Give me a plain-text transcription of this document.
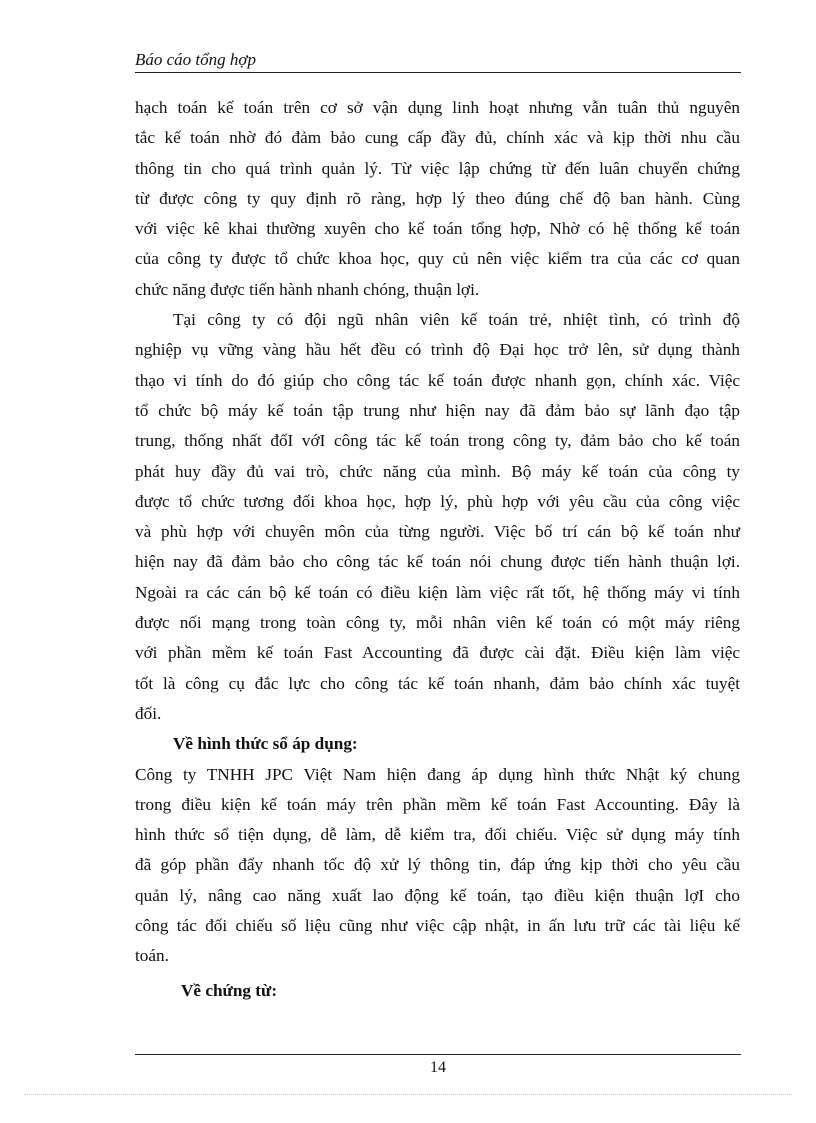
Báo cáo tổng hợp
hạch toán kế toán trên cơ sở vận dụng linh hoạt nhưng vẫn tuân thủ nguyên
tắc kế toán nhờ đó đảm bảo cung cấp đầy đủ, chính xác và kịp thời nhu cầu
thông tin cho quá trình quản lý. Từ việc lập chứng từ đến luân chuyển chứng
từ được công ty quy định rõ ràng, hợp lý theo đúng chế độ ban hành. Cùng
với việc kê khai thường xuyên cho kế toán tổng hợp, Nhờ có hệ thống kế toán
của công ty được tổ chức khoa học, quy củ nên việc kiểm tra của các cơ quan
chức năng được tiến hành nhanh chóng, thuận lợi.
Tại công ty có đội ngũ nhân viên kế toán trẻ, nhiệt tình, có trình độ
nghiệp vụ vững vàng hầu hết đều có trình độ Đại học trở lên, sử dụng thành
thạo vi tính do đó giúp cho công tác kế toán được nhanh gọn, chính xác. Việc
tổ chức bộ máy kế toán tập trung như hiện nay đã đảm bảo sự lãnh đạo tập
trung, thống nhất đốI vớI công tác kế toán trong công ty, đảm bảo cho kế toán
phát huy đầy đủ vai trò, chức năng của mình. Bộ máy kế toán của công ty
được tổ chức tương đối khoa học, hợp lý, phù hợp với yêu cầu của công việc
và phù hợp với chuyên môn của từng người. Việc bố trí cán bộ kế toán như
hiện nay đã đảm bảo cho công tác kế toán nói chung được tiến hành thuận lợi.
Ngoài ra các cán bộ kế toán có điều kiện làm việc rất tốt, hệ thống máy vi tính
được nối mạng trong toàn công ty, mỗi nhân viên kế toán có một máy riêng
với phần mềm kế toán Fast Accounting đã được cài đặt. Điều kiện làm việc
tốt là công cụ đắc lực cho công tác kế toán nhanh, đảm bảo chính xác tuyệt
đối.
Về hình thức sổ áp dụng:
Công ty TNHH JPC Việt Nam hiện đang áp dụng hình thức Nhật ký chung
trong điều kiện kế toán máy trên phần mềm kế toán Fast Accounting. Đây là
hình thức sổ tiện dụng, dễ làm, dễ kiểm tra, đối chiếu. Việc sử dụng máy tính
đã góp phần đẩy nhanh tốc độ xử lý thông tin, đáp ứng kịp thời cho yêu cầu
quản lý, nâng cao năng xuất lao động kế toán, tạo điều kiện thuận lợI cho
công tác đối chiếu số liệu cũng như việc cập nhật, in ấn lưu trữ các tài liệu kế
toán.
Về chứng từ:
14
